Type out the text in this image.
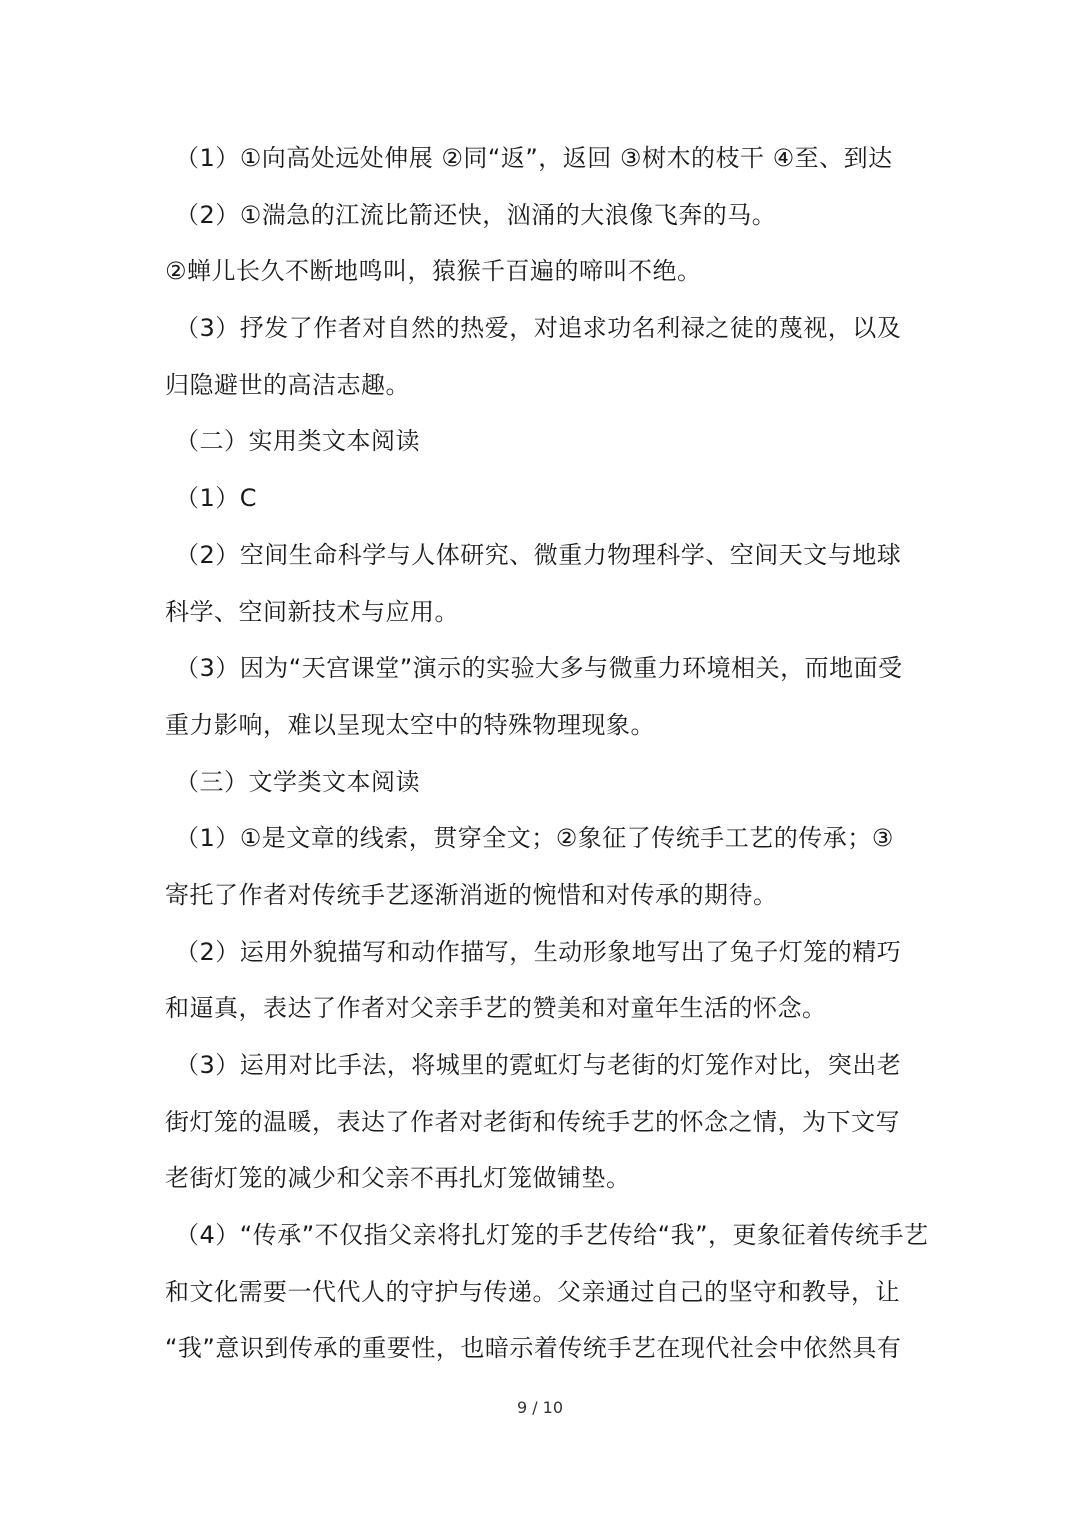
（1）①向高处远处伸展 ②同“返”，返回 ③树木的枝干 ④至、到达
（2）①湍急的江流比箭还快，汹涌的大浪像飞奔的马。
②蝉儿长久不断地鸣叫，猿猴千百遍的啼叫不绝。
（3）抒发了作者对自然的热爱，对追求功名利禄之徒的蔑视，以及
归隐避世的高洁志趣。
（二）实用类文本阅读
（1）C
（2）空间生命科学与人体研究、微重力物理科学、空间天文与地球
科学、空间新技术与应用。
（3）因为“天宫课堂”演示的实验大多与微重力环境相关，而地面受
重力影响，难以呈现太空中的特殊物理现象。
（三）文学类文本阅读
（1）①是文章的线索，贯穿全文；②象征了传统手工艺的传承；③
寄托了作者对传统手艺逐渐消逝的惋惜和对传承的期待。
（2）运用外貌描写和动作描写，生动形象地写出了兔子灯笼的精巧
和逼真，表达了作者对父亲手艺的赞美和对童年生活的怀念。
（3）运用对比手法，将城里的霓虹灯与老街的灯笼作对比，突出老
街灯笼的温暖，表达了作者对老街和传统手艺的怀念之情，为下文写
老街灯笼的减少和父亲不再扎灯笼做铺垫。
（4）“传承”不仅指父亲将扎灯笼的手艺传给“我”，更象征着传统手艺
和文化需要一代代人的守护与传递。父亲通过自己的坚守和教导，让
“我”意识到传承的重要性，也暗示着传统手艺在现代社会中依然具有
9 / 10
